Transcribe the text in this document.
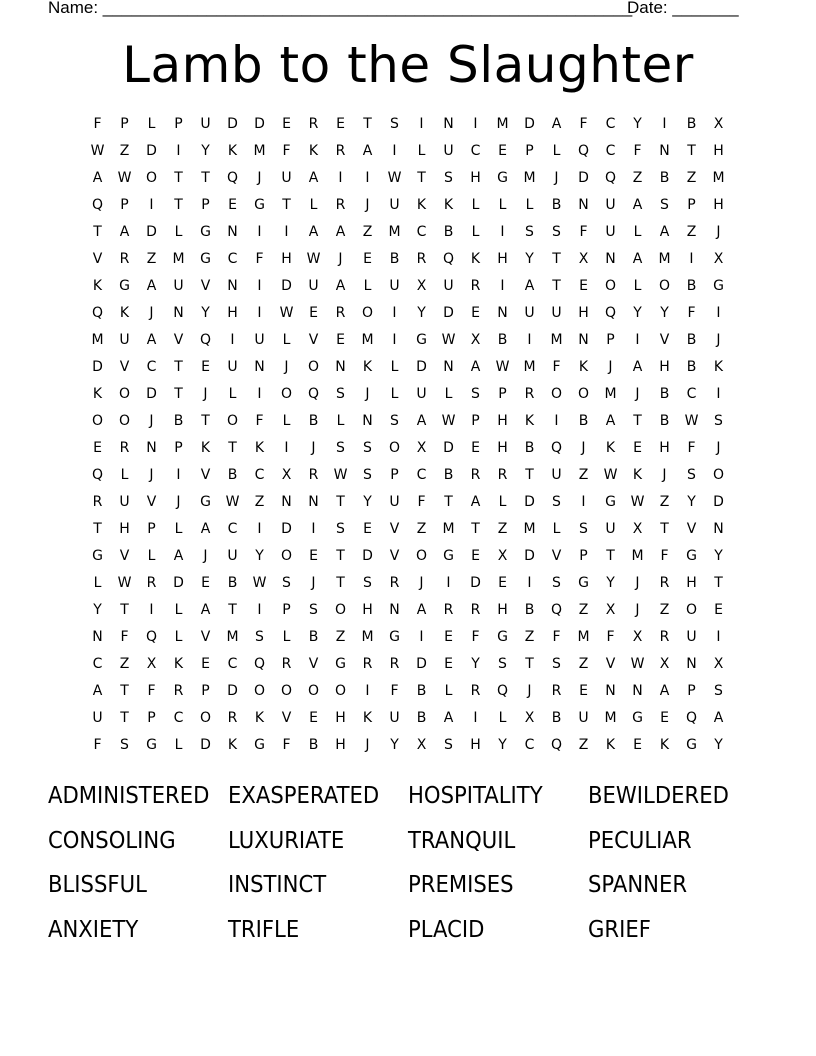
Name: ________________________________________________________
Date: _______
Lamb to the Slaughter
F	P	L	P	U	D	D	E	R	E	T	S	I	N	I	M	D	A	F	C	Y	I	B	X
W	Z	D	I	Y	K	M	F	K	R	A	I	L	U	C	E	P	L	Q	C	F	N	T	H
A	W	O	T	T	Q	J	U	A	I	I	W	T	S	H	G	M	J	D	Q	Z	B	Z	M
Q	P	I	T	P	E	G	T	L	R	J	U	K	K	L	L	L	B	N	U	A	S	P	H
T	A	D	L	G	N	I	I	A	A	Z	M	C	B	L	I	S	S	F	U	L	A	Z	J
V	R	Z	M	G	C	F	H	W	J	E	B	R	Q	K	H	Y	T	X	N	A	M	I	X
K	G	A	U	V	N	I	D	U	A	L	U	X	U	R	I	A	T	E	O	L	O	B	G
Q	K	J	N	Y	H	I	W	E	R	O	I	Y	D	E	N	U	U	H	Q	Y	Y	F	I
M	U	A	V	Q	I	U	L	V	E	M	I	G	W	X	B	I	M	N	P	I	V	B	J
D	V	C	T	E	U	N	J	O	N	K	L	D	N	A	W	M	F	K	J	A	H	B	K
K	O	D	T	J	L	I	O	Q	S	J	L	U	L	S	P	R	O	O	M	J	B	C	I
O	O	J	B	T	O	F	L	B	L	N	S	A	W	P	H	K	I	B	A	T	B	W	S
E	R	N	P	K	T	K	I	J	S	S	O	X	D	E	H	B	Q	J	K	E	H	F	J
Q	L	J	I	V	B	C	X	R	W	S	P	C	B	R	R	T	U	Z	W	K	J	S	O
R	U	V	J	G	W	Z	N	N	T	Y	U	F	T	A	L	D	S	I	G	W	Z	Y	D
T	H	P	L	A	C	I	D	I	S	E	V	Z	M	T	Z	M	L	S	U	X	T	V	N
G	V	L	A	J	U	Y	O	E	T	D	V	O	G	E	X	D	V	P	T	M	F	G	Y
L	W	R	D	E	B	W	S	J	T	S	R	J	I	D	E	I	S	G	Y	J	R	H	T
Y	T	I	L	A	T	I	P	S	O	H	N	A	R	R	H	B	Q	Z	X	J	Z	O	E
N	F	Q	L	V	M	S	L	B	Z	M	G	I	E	F	G	Z	F	M	F	X	R	U	I
C	Z	X	K	E	C	Q	R	V	G	R	R	D	E	Y	S	T	S	Z	V	W	X	N	X
A	T	F	R	P	D	O	O	O	O	I	F	B	L	R	Q	J	R	E	N	N	A	P	S
U	T	P	C	O	R	K	V	E	H	K	U	B	A	I	L	X	B	U	M	G	E	Q	A
F	S	G	L	D	K	G	F	B	H	J	Y	X	S	H	Y	C	Q	Z	K	E	K	G	Y
ADMINISTERED EXASPERATED	HOSPITALITY	BEWILDERED
CONSOLING	LUXURIATE	TRANQUIL	PECULIAR
BLISSFUL	INSTINCT	PREMISES	SPANNER
ANXIETY	TRIFLE	PLACID	GRIEF
